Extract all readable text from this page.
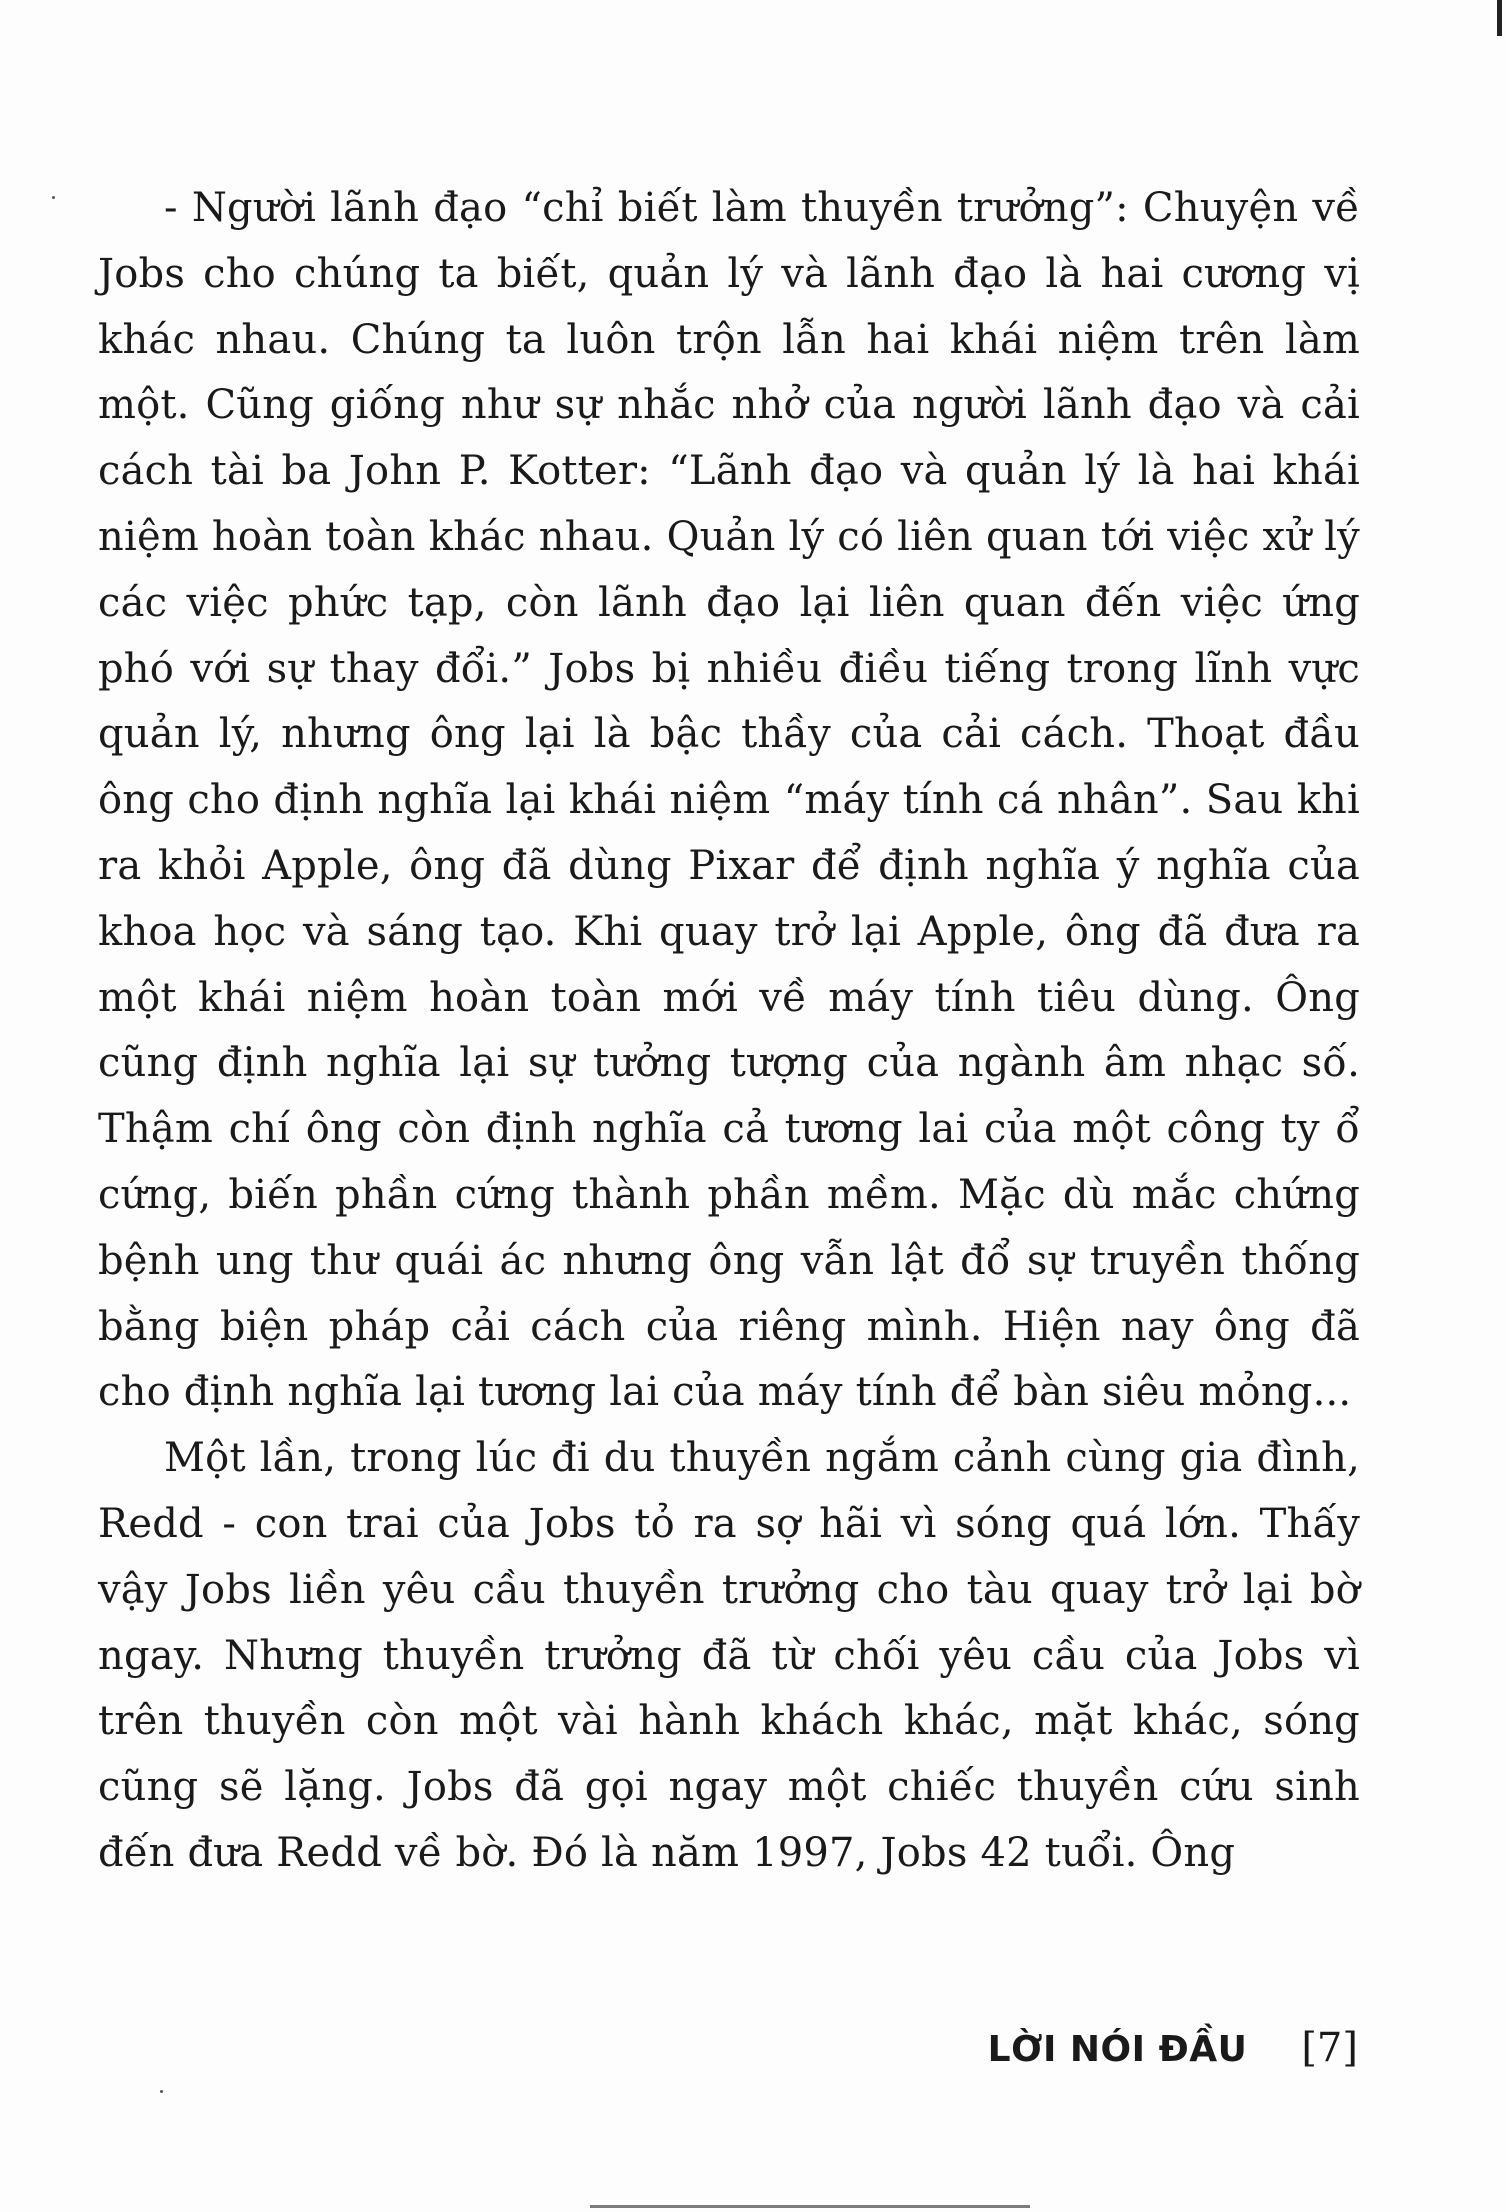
- Người lãnh đạo “chỉ biết làm thuyền trưởng”: Chuyện về Jobs cho chúng ta biết, quản lý và lãnh đạo là hai cương vị khác nhau. Chúng ta luôn trộn lẫn hai khái niệm trên làm một. Cũng giống như sự nhắc nhở của người lãnh đạo và cải cách tài ba John P. Kotter: “Lãnh đạo và quản lý là hai khái niệm hoàn toàn khác nhau. Quản lý có liên quan tới việc xử lý các việc phức tạp, còn lãnh đạo lại liên quan đến việc ứng phó với sự thay đổi.” Jobs bị nhiều điều tiếng trong lĩnh vực quản lý, nhưng ông lại là bậc thầy của cải cách. Thoạt đầu ông cho định nghĩa lại khái niệm “máy tính cá nhân”. Sau khi ra khỏi Apple, ông đã dùng Pixar để định nghĩa ý nghĩa của khoa học và sáng tạo. Khi quay trở lại Apple, ông đã đưa ra một khái niệm hoàn toàn mới về máy tính tiêu dùng. Ông cũng định nghĩa lại sự tưởng tượng của ngành âm nhạc số. Thậm chí ông còn định nghĩa cả tương lai của một công ty ổ cứng, biến phần cứng thành phần mềm. Mặc dù mắc chứng bệnh ung thư quái ác nhưng ông vẫn lật đổ sự truyền thống bằng biện pháp cải cách của riêng mình. Hiện nay ông đã cho định nghĩa lại tương lai của máy tính để bàn siêu mỏng...

Một lần, trong lúc đi du thuyền ngắm cảnh cùng gia đình, Redd - con trai của Jobs tỏ ra sợ hãi vì sóng quá lớn. Thấy vậy Jobs liền yêu cầu thuyền trưởng cho tàu quay trở lại bờ ngay. Nhưng thuyền trưởng đã từ chối yêu cầu của Jobs vì trên thuyền còn một vài hành khách khác, mặt khác, sóng cũng sẽ lặng. Jobs đã gọi ngay một chiếc thuyền cứu sinh đến đưa Redd về bờ. Đó là năm 1997, Jobs 42 tuổi. Ông

LỜI NÓI ĐẦU [7]
